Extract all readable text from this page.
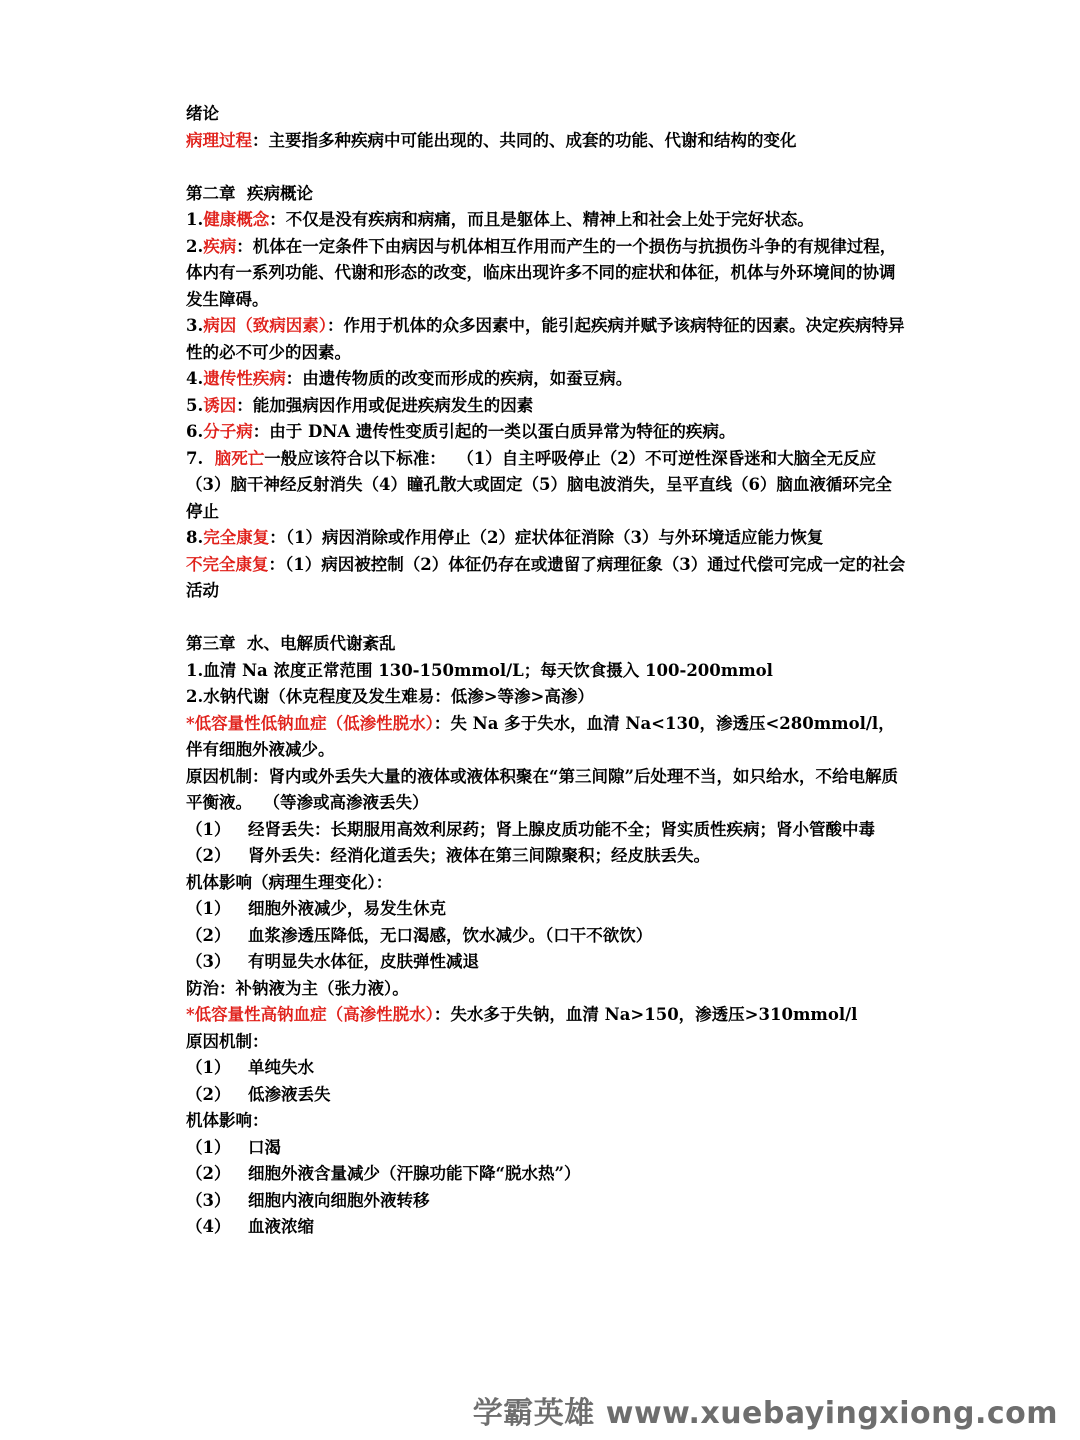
绪论
病理过程：主要指多种疾病中可能出现的、共同的、成套的功能、代谢和结构的变化
第二章  疾病概论
1.健康概念：不仅是没有疾病和病痛，而且是躯体上、精神上和社会上处于完好状态。
2.疾病：机体在一定条件下由病因与机体相互作用而产生的一个损伤与抗损伤斗争的有规律过程，体内有一系列功能、代谢和形态的改变，临床出现许多不同的症状和体征，机体与外环境间的协调发生障碍。
3.病因（致病因素）：作用于机体的众多因素中，能引起疾病并赋予该病特征的因素。决定疾病特异性的必不可少的因素。
4.遗传性疾病：由遗传物质的改变而形成的疾病，如蚕豆病。
5.诱因：能加强病因作用或促进疾病发生的因素
6.分子病：由于 DNA 遗传性变质引起的一类以蛋白质异常为特征的疾病。
7.  脑死亡一般应该符合以下标准：  （1）自主呼吸停止（2）不可逆性深昏迷和大脑全无反应（3）脑干神经反射消失（4）瞳孔散大或固定（5）脑电波消失，呈平直线（6）脑血液循环完全停止
8.完全康复：（1）病因消除或作用停止（2）症状体征消除（3）与外环境适应能力恢复
不完全康复：（1）病因被控制（2）体征仍存在或遗留了病理征象（3）通过代偿可完成一定的社会活动
第三章  水、电解质代谢紊乱
1.血清 Na 浓度正常范围 130-150mmol/L；每天饮食摄入 100-200mmol
2.水钠代谢（休克程度及发生难易：低渗>等渗>高渗）
*低容量性低钠血症（低渗性脱水）：失 Na 多于失水，血清 Na<130，渗透压<280mmol/l，伴有细胞外液减少。
原因机制：肾内或外丢失大量的液体或液体积聚在“第三间隙”后处理不当，如只给水，不给电解质平衡液。  （等渗或高渗液丢失）
（1）	经肾丢失：长期服用高效利尿药；肾上腺皮质功能不全；肾实质性疾病；肾小管酸中毒
（2）	肾外丢失：经消化道丢失；液体在第三间隙聚积；经皮肤丢失。
机体影响（病理生理变化）：
（1）	细胞外液减少，易发生休克
（2）	血浆渗透压降低，无口渴感，饮水减少。（口干不欲饮）
（3）	有明显失水体征，皮肤弹性减退
防治：补钠液为主（张力液）。
*低容量性高钠血症（高渗性脱水）：失水多于失钠，血清 Na>150，渗透压>310mmol/l
原因机制：
（1）	单纯失水
（2）	低渗液丢失
机体影响：
（1）	口渴
（2）	细胞外液含量减少（汗腺功能下降“脱水热”）
（3）	细胞内液向细胞外液转移
（4）	血液浓缩
学霸英雄 www.xuebayingxiong.com
